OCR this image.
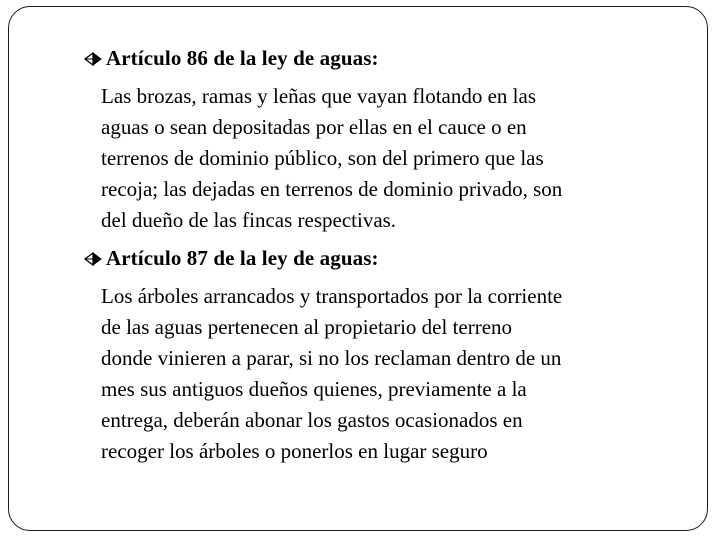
Artículo 86 de la ley de aguas:
Las brozas, ramas y leñas que vayan flotando en las
aguas o sean depositadas por ellas en el cauce o en
terrenos de dominio público, son del primero que las
recoja; las dejadas en terrenos de dominio privado, son
del dueño de las fincas respectivas.
Artículo 87 de la ley de aguas:
Los árboles arrancados y transportados por la corriente
de las aguas pertenecen al propietario del terreno
donde vinieren a parar, si no los reclaman dentro de un
mes sus antiguos dueños quienes, previamente a la
entrega, deberán abonar los gastos ocasionados en
recoger los árboles o ponerlos en lugar seguro
